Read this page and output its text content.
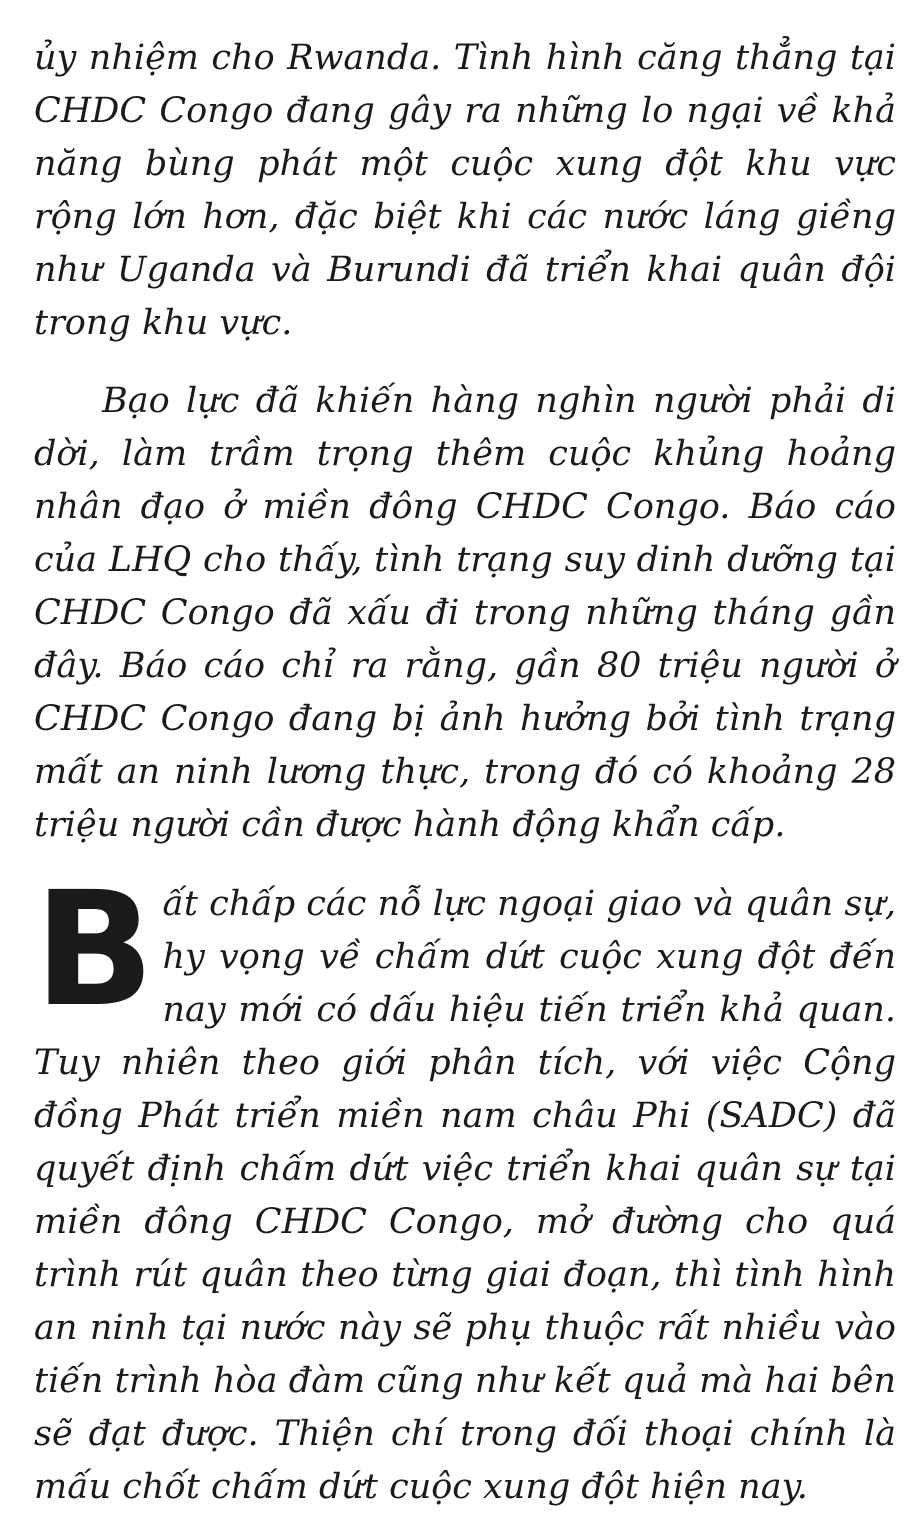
ủy nhiệm cho Rwanda. Tình hình căng thẳng tại CHDC Congo đang gây ra những lo ngại về khả năng bùng phát một cuộc xung đột khu vực rộng lớn hơn, đặc biệt khi các nước láng giềng như Uganda và Burundi đã triển khai quân đội trong khu vực.

Bạo lực đã khiến hàng nghìn người phải di dời, làm trầm trọng thêm cuộc khủng hoảng nhân đạo ở miền đông CHDC Congo. Báo cáo của LHQ cho thấy, tình trạng suy dinh dưỡng tại CHDC Congo đã xấu đi trong những tháng gần đây. Báo cáo chỉ ra rằng, gần 80 triệu người ở CHDC Congo đang bị ảnh hưởng bởi tình trạng mất an ninh lương thực, trong đó có khoảng 28 triệu người cần được hành động khẩn cấp.

Bất chấp các nỗ lực ngoại giao và quân sự, hy vọng về chấm dứt cuộc xung đột đến nay mới có dấu hiệu tiến triển khả quan. Tuy nhiên theo giới phân tích, với việc Cộng đồng Phát triển miền nam châu Phi (SADC) đã quyết định chấm dứt việc triển khai quân sự tại miền đông CHDC Congo, mở đường cho quá trình rút quân theo từng giai đoạn, thì tình hình an ninh tại nước này sẽ phụ thuộc rất nhiều vào tiến trình hòa đàm cũng như kết quả mà hai bên sẽ đạt được. Thiện chí trong đối thoại chính là mấu chốt chấm dứt cuộc xung đột hiện nay.
